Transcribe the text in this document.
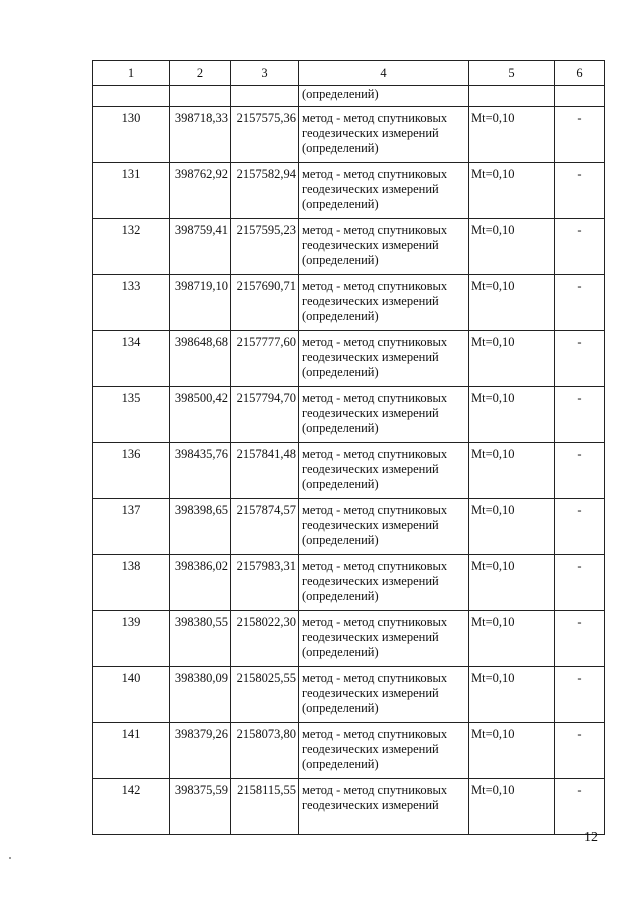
1	2	3	4	5	6
			(определений)		
130	398718,33	2157575,36	метод - метод спутниковых геодезических измерений (определений)	Mt=0,10	-
131	398762,92	2157582,94	метод - метод спутниковых геодезических измерений (определений)	Mt=0,10	-
132	398759,41	2157595,23	метод - метод спутниковых геодезических измерений (определений)	Mt=0,10	-
133	398719,10	2157690,71	метод - метод спутниковых геодезических измерений (определений)	Mt=0,10	-
134	398648,68	2157777,60	метод - метод спутниковых геодезических измерений (определений)	Mt=0,10	-
135	398500,42	2157794,70	метод - метод спутниковых геодезических измерений (определений)	Mt=0,10	-
136	398435,76	2157841,48	метод - метод спутниковых геодезических измерений (определений)	Mt=0,10	-
137	398398,65	2157874,57	метод - метод спутниковых геодезических измерений (определений)	Mt=0,10	-
138	398386,02	2157983,31	метод - метод спутниковых геодезических измерений (определений)	Mt=0,10	-
139	398380,55	2158022,30	метод - метод спутниковых геодезических измерений (определений)	Mt=0,10	-
140	398380,09	2158025,55	метод - метод спутниковых геодезических измерений (определений)	Mt=0,10	-
141	398379,26	2158073,80	метод - метод спутниковых геодезических измерений (определений)	Mt=0,10	-
142	398375,59	2158115,55	метод - метод спутниковых геодезических измерений	Mt=0,10	-
12
